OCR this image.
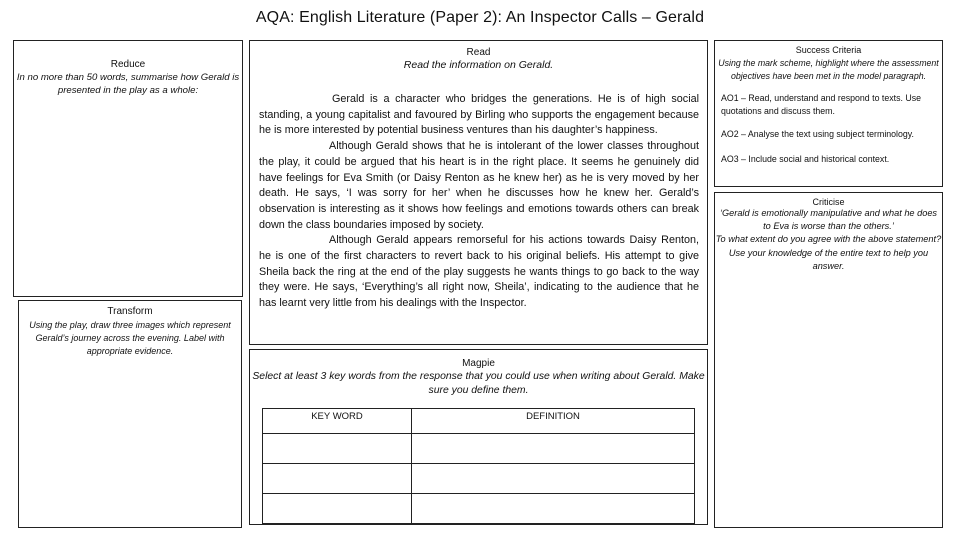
AQA: English Literature (Paper 2): An Inspector Calls – Gerald
Reduce
In no more than 50 words, summarise how Gerald is presented in the play as a whole:
Transform
Using the play, draw three images which represent Gerald’s journey across the evening. Label with appropriate evidence.
Read
Read the information on Gerald.

Gerald is a character who bridges the generations. He is of high social standing, a young capitalist and favoured by Birling who supports the engagement because he is more interested by potential business ventures than his daughter’s happiness.

Although Gerald shows that he is intolerant of the lower classes throughout the play, it could be argued that his heart is in the right place. It seems he genuinely did have feelings for Eva Smith (or Daisy Renton as he knew her) as he is very moved by her death. He says, ‘I was sorry for her’ when he discusses how he knew her. Gerald’s observation is interesting as it shows how feelings and emotions towards others can break down the class boundaries imposed by society.

Although Gerald appears remorseful for his actions towards Daisy Renton, he is one of the first characters to revert back to his original beliefs. His attempt to give Sheila back the ring at the end of the play suggests he wants things to go back to the way they were. He says, ‘Everything’s all right now, Sheila’, indicating to the audience that he has learnt very little from his dealings with the Inspector.

Magpie
Select at least 3 key words from the response that you could use when writing about Gerald. Make sure you define them.
KEY WORD	DEFINITION

Success Criteria
Using the mark scheme, highlight where the assessment objectives have been met in the model paragraph.
AO1 – Read, understand and respond to texts. Use quotations and discuss them.
AO2 – Analyse the text using subject terminology.
AO3 – Include social and historical context.
Criticise
‘Gerald is emotionally manipulative and what he does to Eva is worse than the others.’
To what extent do you agree with the above statement? Use your knowledge of the entire text to help you answer.
